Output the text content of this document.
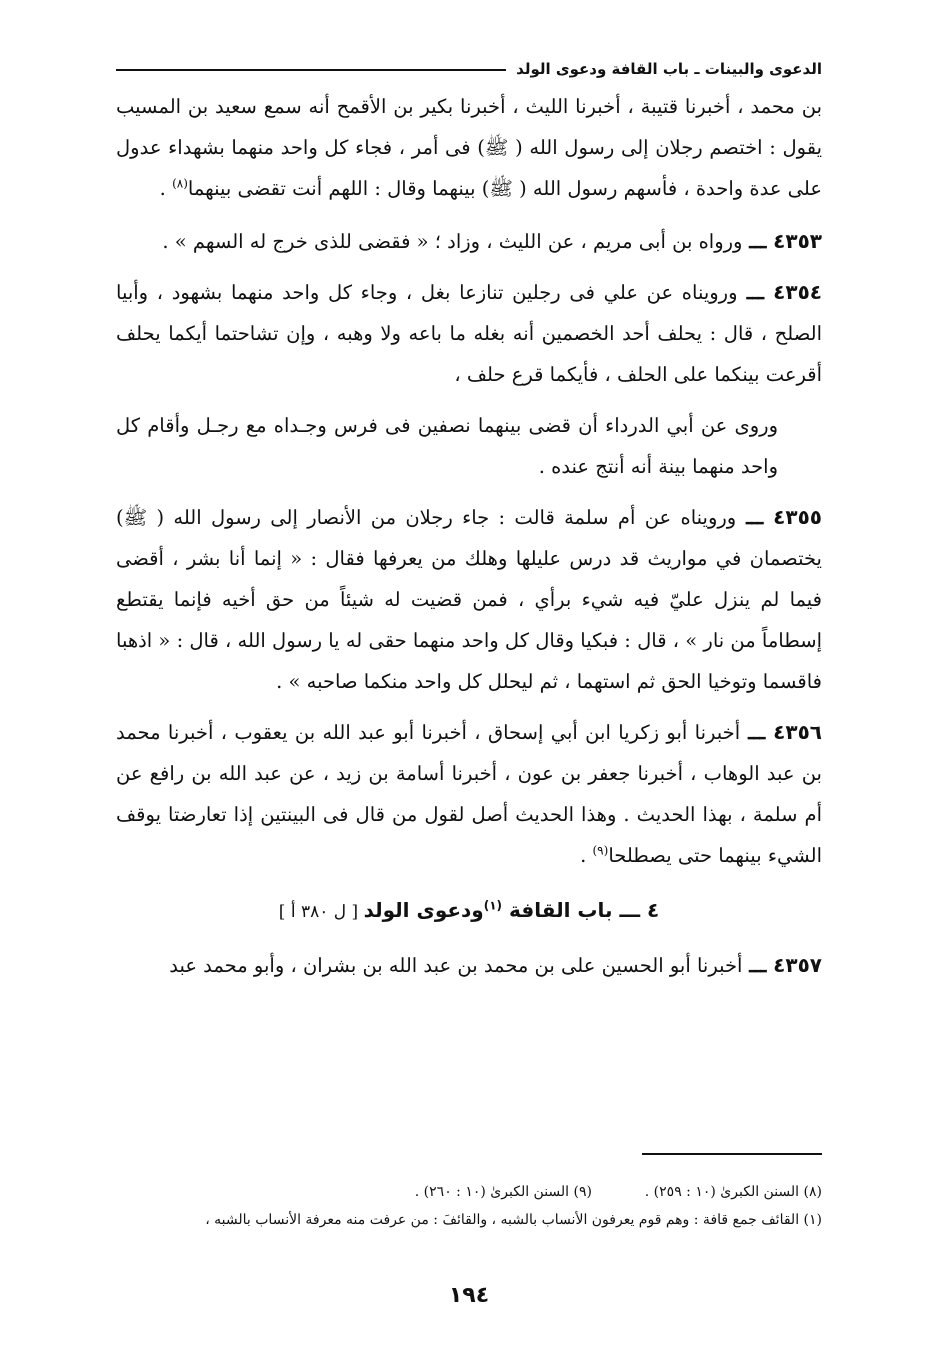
الدعوى والبينات ـ باب القافة ودعوى الولد

بن محمد ، أخبرنا قتيبة ، أخبرنا الليث ، أخبرنا بكير بن الأقمح أنه سمع سعيد بن المسيب يقول : اختصم رجلان إلى رسول الله ( ﷺ) فى أمر ، فجاء كل واحد منهما بشهداء عدول على عدة واحدة ، فأسهم رسول الله ( ﷺ) بينهما وقال : اللهم أنت تقضى بينهما$^{(٨)}$ .

٤٣٥٣ ـــ ورواه بن أبى مريم ، عن الليث ، وزاد ؛ « فقضى للذى خرج له السهم » .

٤٣٥٤ ـــ ورويناه عن علي فى رجلين تنازعا بغل ، وجاء كل واحد منهما بشهود ، وأبيا الصلح ، قال : يحلف أحد الخصمين أنه بغله ما باعه ولا وهبه ، وإن تشاحتما أيكما يحلف أقرعت بينكما على الحلف ، فأيكما قرع حلف ،

وروى عن أبي الدرداء أن قضى بينهما نصفين فى فرس وجـداه مع رجـل وأقام كل واحد منهما بينة أنه أنتج عنده .

٤٣٥٥ ـــ ورويناه عن أم سلمة قالت : جاء رجلان من الأنصار إلى رسول الله ( ﷺ) يختصمان في مواريث قد درس عليلها وهلك من يعرفها فقال : « إنما أنا بشر ، أقضى فيما لم ينزل عليّ فيه شيء برأي ، فمن قضيت له شيئاً من حق أخيه فإنما يقتطع إسطاماً من نار » ، قال : فبكيا وقال كل واحد منهما حقى له يا رسول الله ، قال : « اذهبا فاقسما وتوخيا الحق ثم استهما ، ثم ليحلل كل واحد منكما صاحبه » .

٤٣٥٦ ـــ أخبرنا أبو زكريا ابن أبي إسحاق ، أخبرنا أبو عبد الله بن يعقوب ، أخبرنا محمد بن عبد الوهاب ، أخبرنا جعفر بن عون ، أخبرنا أسامة بن زيد ، عن عبد الله بن رافع عن أم سلمة ، بهذا الحديث . وهذا الحديث أصل لقول من قال فى البينتين إذا تعارضتا يوقف الشيء بينهما حتى يصطلحا$^{(٩)}$ .

٤ ـــ باب القافة $^{(١)}$ودعوى الولد [ ل ٣٨٠ أ ]

٤٣٥٧ ـــ أخبرنا أبو الحسين على بن محمد بن عبد الله بن بشران ، وأبو محمد عبد

(٨) السنن الكبرىٰ (١٠ : ٢٥٩) .
(٩) السنن الكبرىٰ (١٠ : ٢٦٠) .
(١) القائف جمع قافة : وهم قوم يعرفون الأنساب بالشبه ، والقائفَ : من عرفت منه معرفة الأنساب بالشبه ،
١٩٤
